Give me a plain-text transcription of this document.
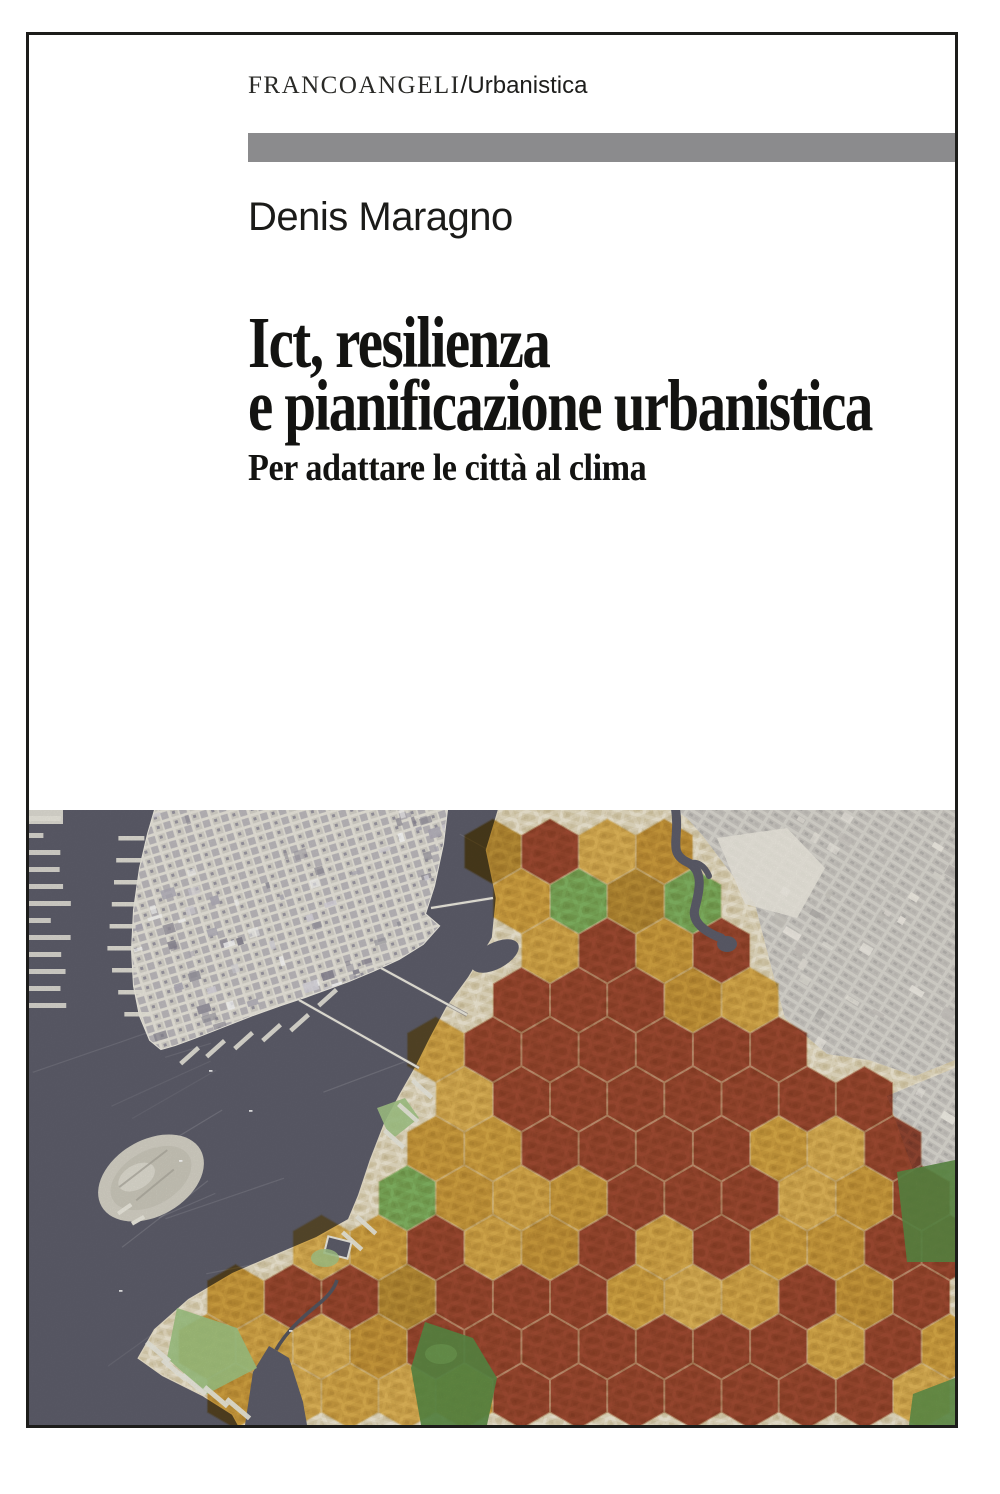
FRANCOANGELI/Urbanistica
Denis Maragno
Ict, resilienza
e pianificazione urbanistica
Per adattare le città al clima
